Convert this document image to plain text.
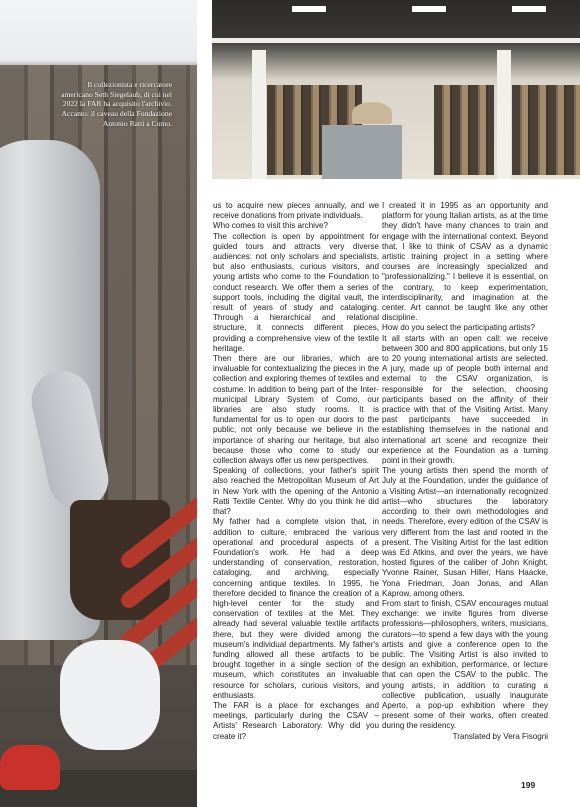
Il collezionista e ricercatore americano Seth Siegelaub, di cui nel 2022 la FAR ha acquisito l'archivio. Accanto: il caveau della Fondazione Antonio Ratti a Como.

us to acquire new pieces annually, and we receive donations from private individuals.

Who comes to visit this archive?

The collection is open by appointment for guided tours and attracts very diverse audiences: not only scholars and specialists, but also enthusiasts, curious visitors, and young artists who come to the Foundation to conduct research. We offer them a series of support tools, including the digital vault, the result of years of study and cataloging. Through a hierarchical and relational structure, it connects different pieces, providing a comprehensive view of the textile heritage.

Then there are our libraries, which are invaluable for contextualizing the pieces in the collection and exploring themes of textiles and costume. In addition to being part of the Inter-municipal Library System of Como, our libraries are also study rooms. It is fundamental for us to open our doors to the public, not only because we believe in the importance of sharing our heritage, but also because those who come to study our collection always offer us new perspectives.

Speaking of collections, your father's spirit also reached the Metropolitan Museum of Art in New York with the opening of the Antonio Ratti Textile Center. Why do you think he did that?

My father had a complete vision that, in addition to culture, embraced the various operational and procedural aspects of a Foundation's work. He had a deep understanding of conservation, restoration, cataloging, and archiving, especially concerning antique textiles. In 1995, he therefore decided to finance the creation of a high-level center for the study and conservation of textiles at the Met. They already had several valuable textile artifacts there, but they were divided among the museum's individual departments. My father's funding allowed all these artifacts to be brought together in a single section of the museum, which constitutes an invaluable resource for scholars, curious visitors, and enthusiasts.

The FAR is a place for exchanges and meetings, particularly during the CSAV – Artists' Research Laboratory. Why did you create it?

I created it in 1995 as an opportunity and platform for young Italian artists, as at the time they didn't have many chances to train and engage with the international context. Beyond that, I like to think of CSAV as a dynamic artistic training project in a setting where courses are increasingly specialized and "professionalizing." I believe it is essential, on the contrary, to keep experimentation, interdisciplinarity, and imagination at the center. Art cannot be taught like any other discipline.

How do you select the participating artists?

It all starts with an open call: we receive between 300 and 800 applications, but only 15 to 20 young international artists are selected. A jury, made up of people both internal and external to the CSAV organization, is responsible for the selection, choosing participants based on the affinity of their practice with that of the Visiting Artist. Many past participants have succeeded in establishing themselves in the national and international art scene and recognize their experience at the Foundation as a turning point in their growth.

The young artists then spend the month of July at the Foundation, under the guidance of a Visiting Artist—an internationally recognized artist—who structures the laboratory according to their own methodologies and needs. Therefore, every edition of the CSAV is very different from the last and rooted in the present. The Visiting Artist for the last edition was Ed Atkins, and over the years, we have hosted figures of the caliber of John Knight, Yvonne Rainer, Susan Hiller, Hans Haacke, Yona Friedman, Joan Jonas, and Allan Kaprow, among others.

From start to finish, CSAV encourages mutual exchange: we invite figures from diverse professions—philosophers, writers, musicians, curators—to spend a few days with the young artists and give a conference open to the public. The Visiting Artist is also invited to design an exhibition, performance, or lecture that can open the CSAV to the public. The young artists, in addition to curating a collective publication, usually inaugurate Aperto, a pop-up exhibition where they present some of their works, often created during the residency.

Translated by Vera Fisogni

199
